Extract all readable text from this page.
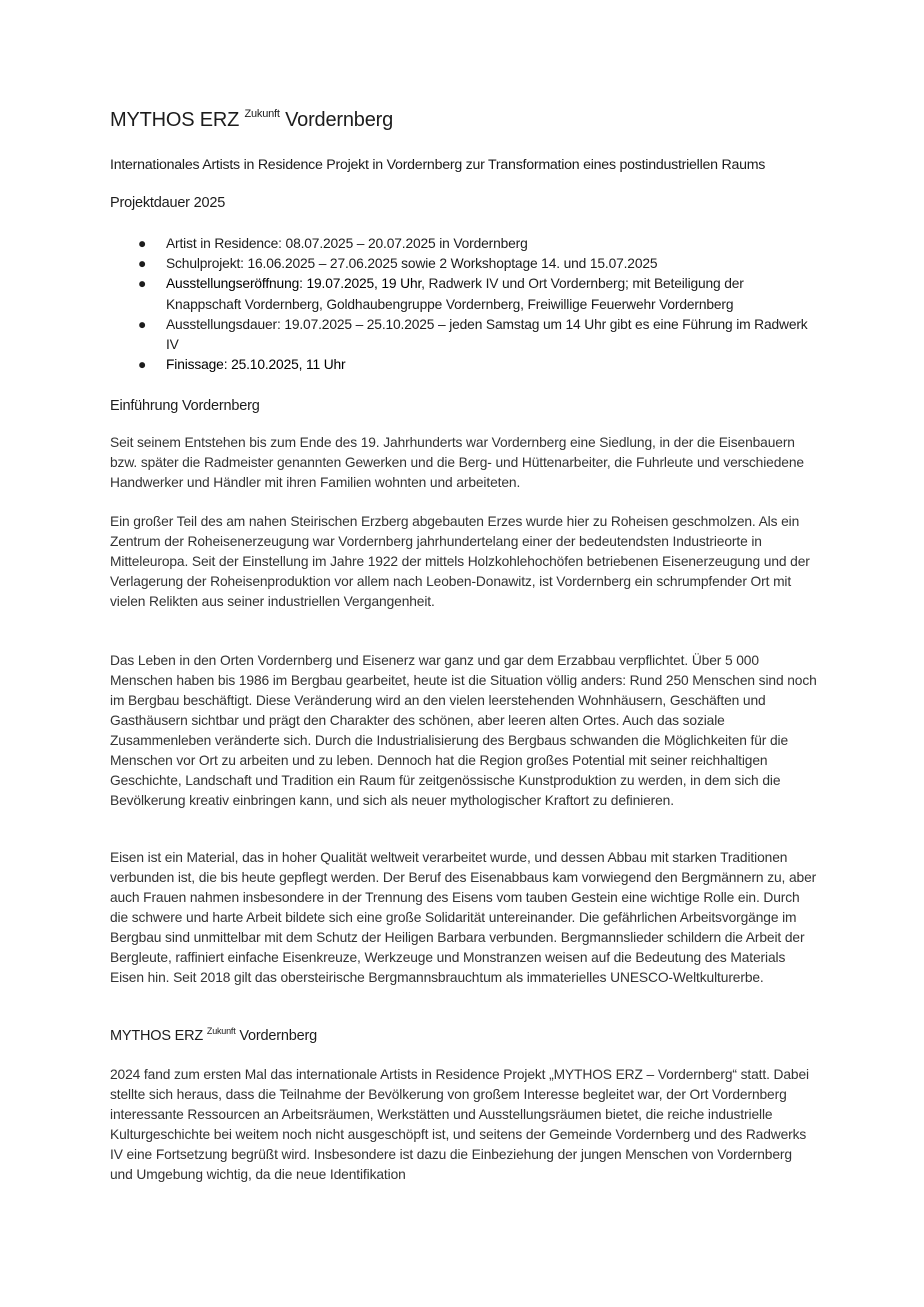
MYTHOS ERZ $^{Zukunft}$ Vordernberg
Internationales Artists in Residence Projekt in Vordernberg zur Transformation eines postindustriellen Raums
Projektdauer 2025
● Artist in Residence: 08.07.2025 – 20.07.2025 in Vordernberg
● Schulprojekt: 16.06.2025 – 27.06.2025 sowie 2 Workshoptage 14. und 15.07.2025
● Ausstellungseröffnung: 19.07.2025, 19 Uhr, Radwerk IV und Ort Vordernberg; mit Beteiligung der Knappschaft Vordernberg, Goldhaubengruppe Vordernberg, Freiwillige Feuerwehr Vordernberg
● Ausstellungsdauer: 19.07.2025 – 25.10.2025 – jeden Samstag um 14 Uhr gibt es eine Führung im Radwerk IV
● Finissage: 25.10.2025, 11 Uhr
Einführung Vordernberg

Seit seinem Entstehen bis zum Ende des 19. Jahrhunderts war Vordernberg eine Siedlung, in der die Eisenbauern bzw. später die Radmeister genannten Gewerken und die Berg- und Hüttenarbeiter, die Fuhrleute und verschiedene Handwerker und Händler mit ihren Familien wohnten und arbeiteten.

Ein großer Teil des am nahen Steirischen Erzberg abgebauten Erzes wurde hier zu Roheisen geschmolzen. Als ein Zentrum der Roheisenerzeugung war Vordernberg jahrhundertelang einer der bedeutendsten Industrieorte in Mitteleuropa. Seit der Einstellung im Jahre 1922 der mittels Holzkohlehochöfen betriebenen Eisenerzeugung und der Verlagerung der Roheisenproduktion vor allem nach Leoben-Donawitz, ist Vordernberg ein schrumpfender Ort mit vielen Relikten aus seiner industriellen Vergangenheit.

Das Leben in den Orten Vordernberg und Eisenerz war ganz und gar dem Erzabbau verpflichtet. Über 5 000 Menschen haben bis 1986 im Bergbau gearbeitet, heute ist die Situation völlig anders: Rund 250 Menschen sind noch im Bergbau beschäftigt. Diese Veränderung wird an den vielen leerstehenden Wohnhäusern, Geschäften und Gasthäusern sichtbar und prägt den Charakter des schönen, aber leeren alten Ortes. Auch das soziale Zusammenleben veränderte sich. Durch die Industrialisierung des Bergbaus schwanden die Möglichkeiten für die Menschen vor Ort zu arbeiten und zu leben. Dennoch hat die Region großes Potential mit seiner reichhaltigen Geschichte, Landschaft und Tradition ein Raum für zeitgenössische Kunstproduktion zu werden, in dem sich die Bevölkerung kreativ einbringen kann, und sich als neuer mythologischer Kraftort zu definieren.

Eisen ist ein Material, das in hoher Qualität weltweit verarbeitet wurde, und dessen Abbau mit starken Traditionen verbunden ist, die bis heute gepflegt werden. Der Beruf des Eisenabbaus kam vorwiegend den Bergmännern zu, aber auch Frauen nahmen insbesondere in der Trennung des Eisens vom tauben Gestein eine wichtige Rolle ein. Durch die schwere und harte Arbeit bildete sich eine große Solidarität untereinander. Die gefährlichen Arbeitsvorgänge im Bergbau sind unmittelbar mit dem Schutz der Heiligen Barbara verbunden. Bergmannslieder schildern die Arbeit der Bergleute, raffiniert einfache Eisenkreuze, Werkzeuge und Monstranzen weisen auf die Bedeutung des Materials Eisen hin. Seit 2018 gilt das obersteirische Bergmannsbrauchtum als immaterielles UNESCO-Weltkulturerbe.

MYTHOS ERZ $^{Zukunft}$ Vordernberg

2024 fand zum ersten Mal das internationale Artists in Residence Projekt „MYTHOS ERZ – Vordernberg“ statt. Dabei stellte sich heraus, dass die Teilnahme der Bevölkerung von großem Interesse begleitet war, der Ort Vordernberg interessante Ressourcen an Arbeitsräumen, Werkstätten und Ausstellungsräumen bietet, die reiche industrielle Kulturgeschichte bei weitem noch nicht ausgeschöpft ist, und seitens der Gemeinde Vordernberg und des Radwerks IV eine Fortsetzung begrüßt wird. Insbesondere ist dazu die Einbeziehung der jungen Menschen von Vordernberg und Umgebung wichtig, da die neue Identifikation
